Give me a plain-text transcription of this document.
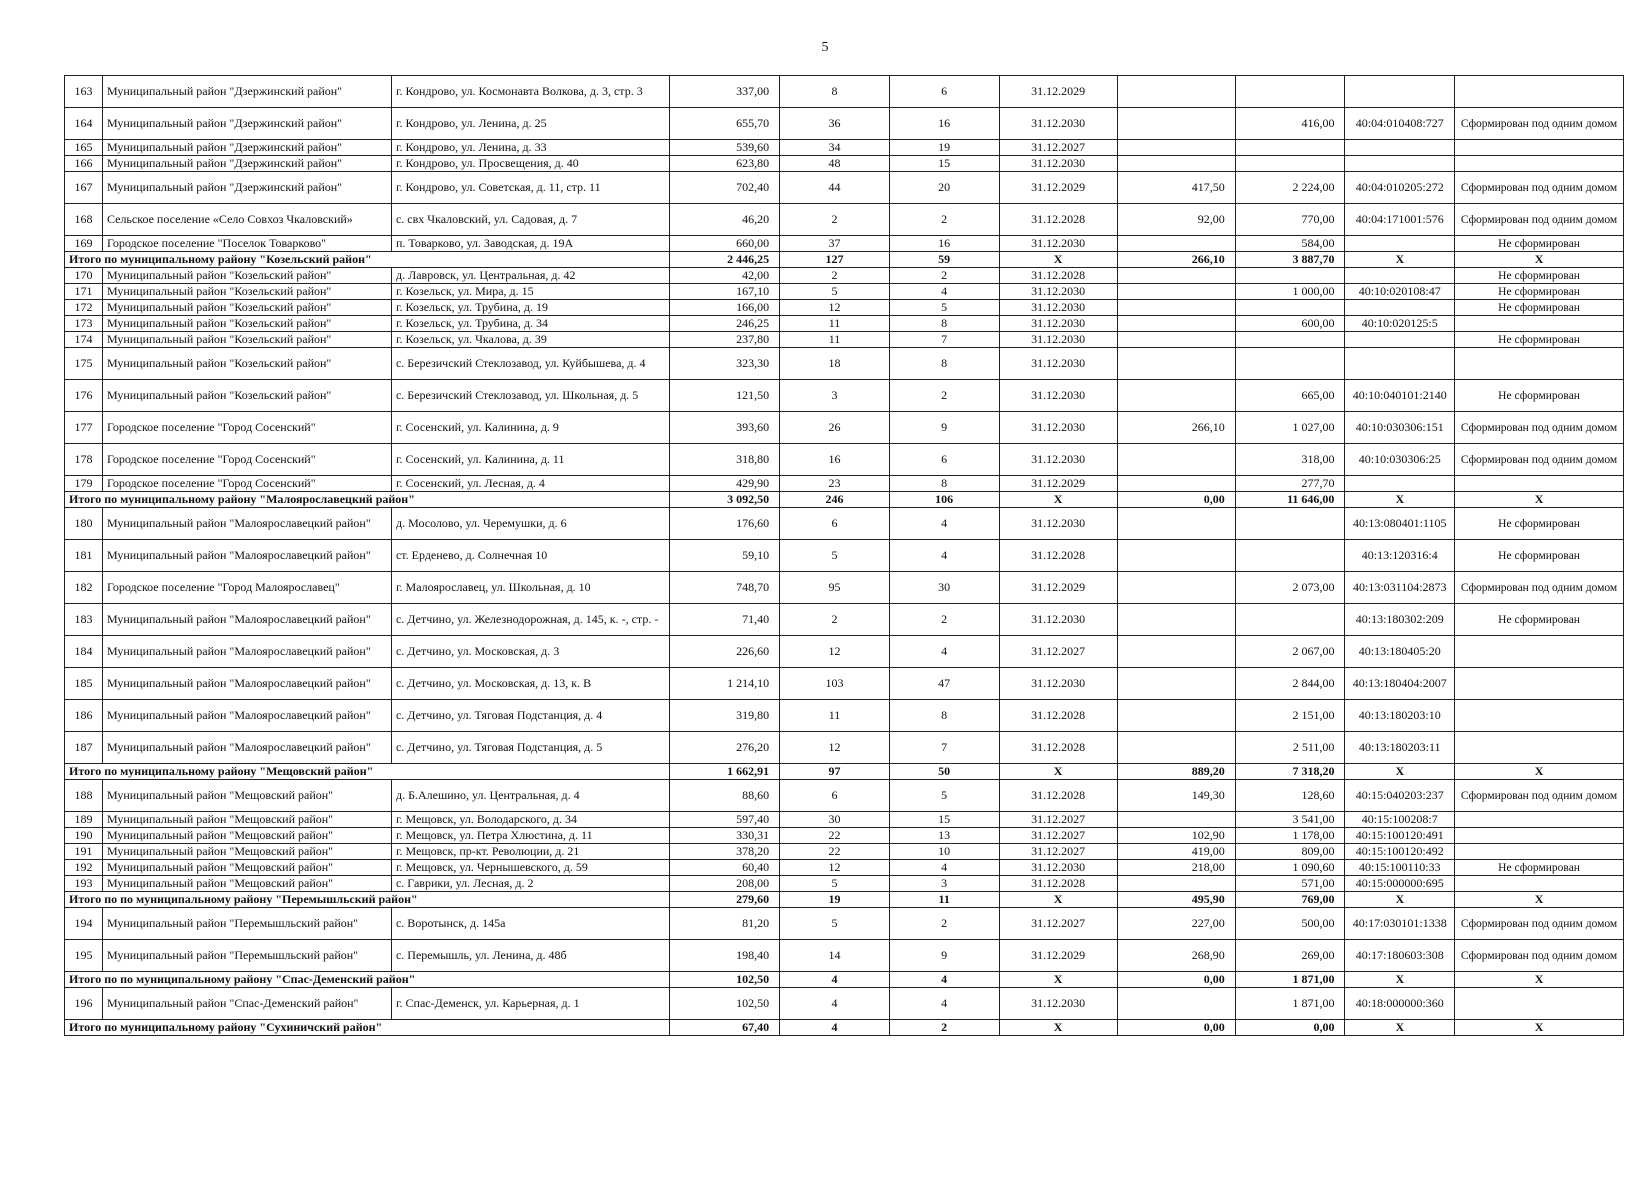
5
163	Муниципальный район "Дзержинский район"	г. Кондрово, ул. Космонавта Волкова, д. 3, стр. 3	337,00	8	6	31.12.2029				
164	Муниципальный район "Дзержинский район"	г. Кондрово, ул. Ленина, д. 25	655,70	36	16	31.12.2030		416,00	40:04:010408:727	Сформирован под одним домом
165	Муниципальный район "Дзержинский район"	г. Кондрово, ул. Ленина, д. 33	539,60	34	19	31.12.2027				
166	Муниципальный район "Дзержинский район"	г. Кондрово, ул. Просвещения, д. 40	623,80	48	15	31.12.2030				
167	Муниципальный район "Дзержинский район"	г. Кондрово, ул. Советская, д. 11, стр. 11	702,40	44	20	31.12.2029	417,50	2 224,00	40:04:010205:272	Сформирован под одним домом
168	Сельское поселение «Село Совхоз Чкаловский»	с. свх Чкаловский, ул. Садовая, д. 7	46,20	2	2	31.12.2028	92,00	770,00	40:04:171001:576	Сформирован под одним домом
169	Городское поселение "Поселок Товарково"	п. Товарково, ул. Заводская, д. 19А	660,00	37	16	31.12.2030		584,00		Не сформирован
Итого по муниципальному району "Козельский район"			2 446,25	127	59	X	266,10	3 887,70	X	X
170	Муниципальный район "Козельский район"	д. Лавровск, ул. Центральная, д. 42	42,00	2	2	31.12.2028				Не сформирован
171	Муниципальный район "Козельский район"	г. Козельск, ул. Мира, д. 15	167,10	5	4	31.12.2030		1 000,00	40:10:020108:47	Не сформирован
172	Муниципальный район "Козельский район"	г. Козельск, ул. Трубина, д. 19	166,00	12	5	31.12.2030				Не сформирован
173	Муниципальный район "Козельский район"	г. Козельск, ул. Трубина, д. 34	246,25	11	8	31.12.2030		600,00	40:10:020125:5	
174	Муниципальный район "Козельский район"	г. Козельск, ул. Чкалова, д. 39	237,80	11	7	31.12.2030				Не сформирован
175	Муниципальный район "Козельский район"	с. Березичский Стеклозавод, ул. Куйбышева, д. 4	323,30	18	8	31.12.2030				
176	Муниципальный район "Козельский район"	с. Березичский Стеклозавод, ул. Школьная, д. 5	121,50	3	2	31.12.2030		665,00	40:10:040101:2140	Не сформирован
177	Городское поселение "Город Сосенский"	г. Сосенский, ул. Калинина, д. 9	393,60	26	9	31.12.2030	266,10	1 027,00	40:10:030306:151	Сформирован под одним домом
178	Городское поселение "Город Сосенский"	г. Сосенский, ул. Калинина, д. 11	318,80	16	6	31.12.2030		318,00	40:10:030306:25	Сформирован под одним домом
179	Городское поселение "Город Сосенский"	г. Сосенский, ул. Лесная, д. 4	429,90	23	8	31.12.2029		277,70		
Итого по муниципальному району "Малоярославецкий район"			3 092,50	246	106	X	0,00	11 646,00	X	X
180	Муниципальный район "Малоярославецкий район"	д. Мосолово, ул. Черемушки, д. 6	176,60	6	4	31.12.2030			40:13:080401:1105	Не сформирован
181	Муниципальный район "Малоярославецкий район"	ст. Ерденево, д. Солнечная 10	59,10	5	4	31.12.2028			40:13:120316:4	Не сформирован
182	Городское поселение "Город Малоярославец"	г. Малоярославец, ул. Школьная, д. 10	748,70	95	30	31.12.2029		2 073,00	40:13:031104:2873	Сформирован под одним домом
183	Муниципальный район "Малоярославецкий район"	с. Детчино, ул. Железнодорожная, д. 145, к. -, стр. -	71,40	2	2	31.12.2030			40:13:180302:209	Не сформирован
184	Муниципальный район "Малоярославецкий район"	с. Детчино, ул. Московская, д. 3	226,60	12	4	31.12.2027		2 067,00	40:13:180405:20	
185	Муниципальный район "Малоярославецкий район"	с. Детчино, ул. Московская, д. 13, к. В	1 214,10	103	47	31.12.2030		2 844,00	40:13:180404:2007	
186	Муниципальный район "Малоярославецкий район"	с. Детчино, ул. Тяговая Подстанция, д. 4	319,80	11	8	31.12.2028		2 151,00	40:13:180203:10	
187	Муниципальный район "Малоярославецкий район"	с. Детчино, ул. Тяговая Подстанция, д. 5	276,20	12	7	31.12.2028		2 511,00	40:13:180203:11	
Итого по муниципальному району "Мещовский район"			1 662,91	97	50	X	889,20	7 318,20	X	X
188	Муниципальный район "Мещовский район"	д. Б.Алешино, ул. Центральная, д. 4	88,60	6	5	31.12.2028	149,30	128,60	40:15:040203:237	Сформирован под одним домом
189	Муниципальный район "Мещовский район"	г. Мещовск, ул. Володарского, д. 34	597,40	30	15	31.12.2027		3 541,00	40:15:100208:7	
190	Муниципальный район "Мещовский район"	г. Мещовск, ул. Петра Хлюстина, д. 11	330,31	22	13	31.12.2027	102,90	1 178,00	40:15:100120:491	
191	Муниципальный район "Мещовский район"	г. Мещовск, пр-кт. Революции, д. 21	378,20	22	10	31.12.2027	419,00	809,00	40:15:100120:492	
192	Муниципальный район "Мещовский район"	г. Мещовск, ул. Чернышевского, д. 59	60,40	12	4	31.12.2030	218,00	1 090,60	40:15:100110:33	Не сформирован
193	Муниципальный район "Мещовский район"	с. Гаврики, ул. Лесная, д. 2	208,00	5	3	31.12.2028		571,00	40:15:000000:695	
Итого по по муниципальному району "Перемышльский район"			279,60	19	11	X	495,90	769,00	X	X
194	Муниципальный район "Перемышльский район"	с. Воротынск, д. 145а	81,20	5	2	31.12.2027	227,00	500,00	40:17:030101:1338	Сформирован под одним домом
195	Муниципальный район "Перемышльский район"	с. Перемышль, ул. Ленина, д. 48б	198,40	14	9	31.12.2029	268,90	269,00	40:17:180603:308	Сформирован под одним домом
Итого по по муниципальному району "Спас-Деменский район"			102,50	4	4	X	0,00	1 871,00	X	X
196	Муниципальный район "Спас-Деменский район"	г. Спас-Деменск, ул. Карьерная, д. 1	102,50	4	4	31.12.2030		1 871,00	40:18:000000:360	
Итого по муниципальному району "Сухиничский район"			67,40	4	2	X	0,00	0,00	X	X
